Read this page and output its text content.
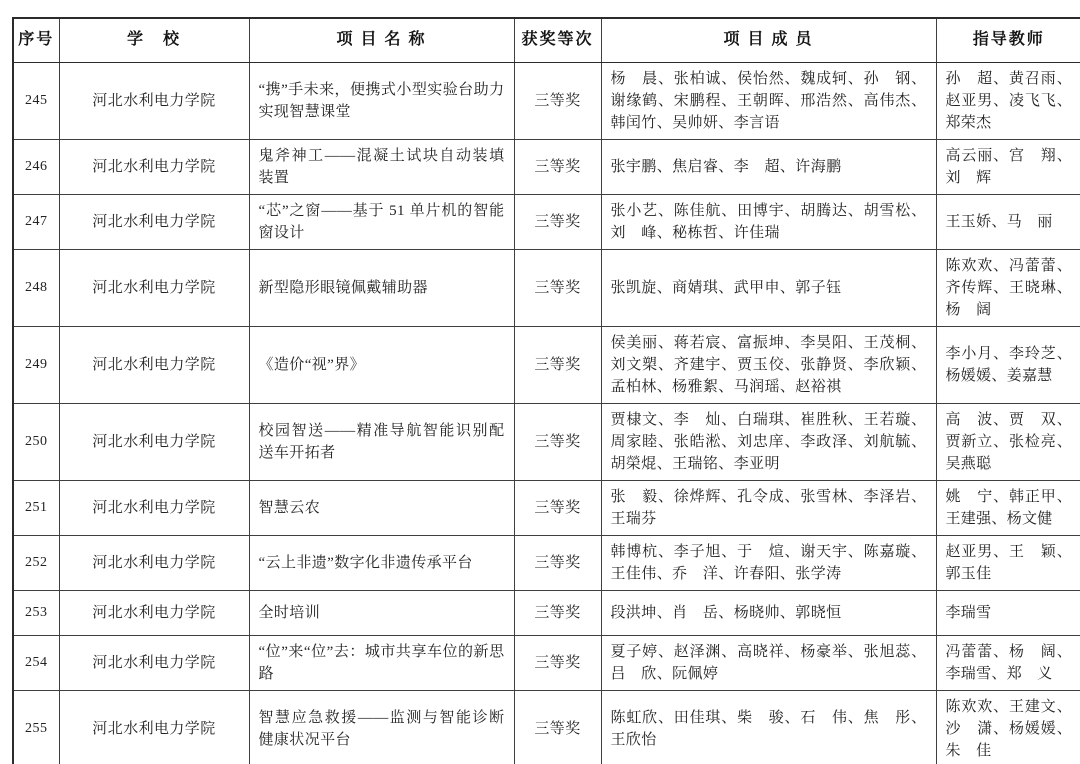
序号	学　校	项 目 名 称	获奖等次	项 目 成 员	指导教师
245	河北水利电力学院	“携”手未来，便携式小型实验台助力实现智慧课堂	三等奖	杨　晨、张柏诚、侯怡然、魏成轲、孙　钢、谢缘鹤、宋鹏程、王朝晖、邢浩然、高伟杰、韩闰竹、吴帅妍、李言语	孙　超、黄召雨、赵亚男、凌飞飞、郑荣杰
246	河北水利电力学院	鬼斧神工——混凝土试块自动装填装置	三等奖	张宇鹏、焦启睿、李　超、许海鹏	高云丽、宫　翔、刘　辉
247	河北水利电力学院	“芯”之窗——基于 51 单片机的智能窗设计	三等奖	张小艺、陈佳航、田博宇、胡腾达、胡雪松、刘　峰、秘栋哲、许佳瑞	王玉娇、马　丽
248	河北水利电力学院	新型隐形眼镜佩戴辅助器	三等奖	张凯旋、商婧琪、武甲申、郭子钰	陈欢欢、冯蕾蕾、齐传辉、王晓琳、杨　阔
249	河北水利电力学院	《造价“视”界》	三等奖	侯美丽、蒋若宸、富振坤、李昊阳、王茂桐、刘文槊、齐建宇、贾玉佼、张静贤、李欣颖、孟柏林、杨雅絮、马润瑶、赵裕祺	李小月、李玲芝、杨媛媛、姜嘉慧
250	河北水利电力学院	校园智送——精准导航智能识别配送车开拓者	三等奖	贾棣文、李　灿、白瑞琪、崔胜秋、王若璇、周家睦、张皓淞、刘忠庠、李政泽、刘航毓、胡榮焜、王瑞铭、李亚明	高　波、贾　双、贾新立、张检亮、吴燕聪
251	河北水利电力学院	智慧云农	三等奖	张　毅、徐烨辉、孔令成、张雪林、李泽岩、王瑞芬	姚　宁、韩正甲、王建强、杨文健
252	河北水利电力学院	“云上非遗”数字化非遗传承平台	三等奖	韩博杭、李子旭、于　煊、谢天宇、陈嘉璇、王佳伟、乔　洋、许春阳、张学涛	赵亚男、王　颖、郭玉佳
253	河北水利电力学院	全时培训	三等奖	段洪坤、肖　岳、杨晓帅、郭晓恒	李瑞雪
254	河北水利电力学院	“位”来“位”去：城市共享车位的新思路	三等奖	夏子婷、赵泽渊、高晓祥、杨豪举、张旭蕊、吕　欣、阮佩婷	冯蕾蕾、杨　阔、李瑞雪、郑　义
255	河北水利电力学院	智慧应急救援——监测与智能诊断健康状况平台	三等奖	陈虹欣、田佳琪、柴　骏、石　伟、焦　彤、王欣怡	陈欢欢、王建文、沙　潇、杨媛媛、朱　佳
